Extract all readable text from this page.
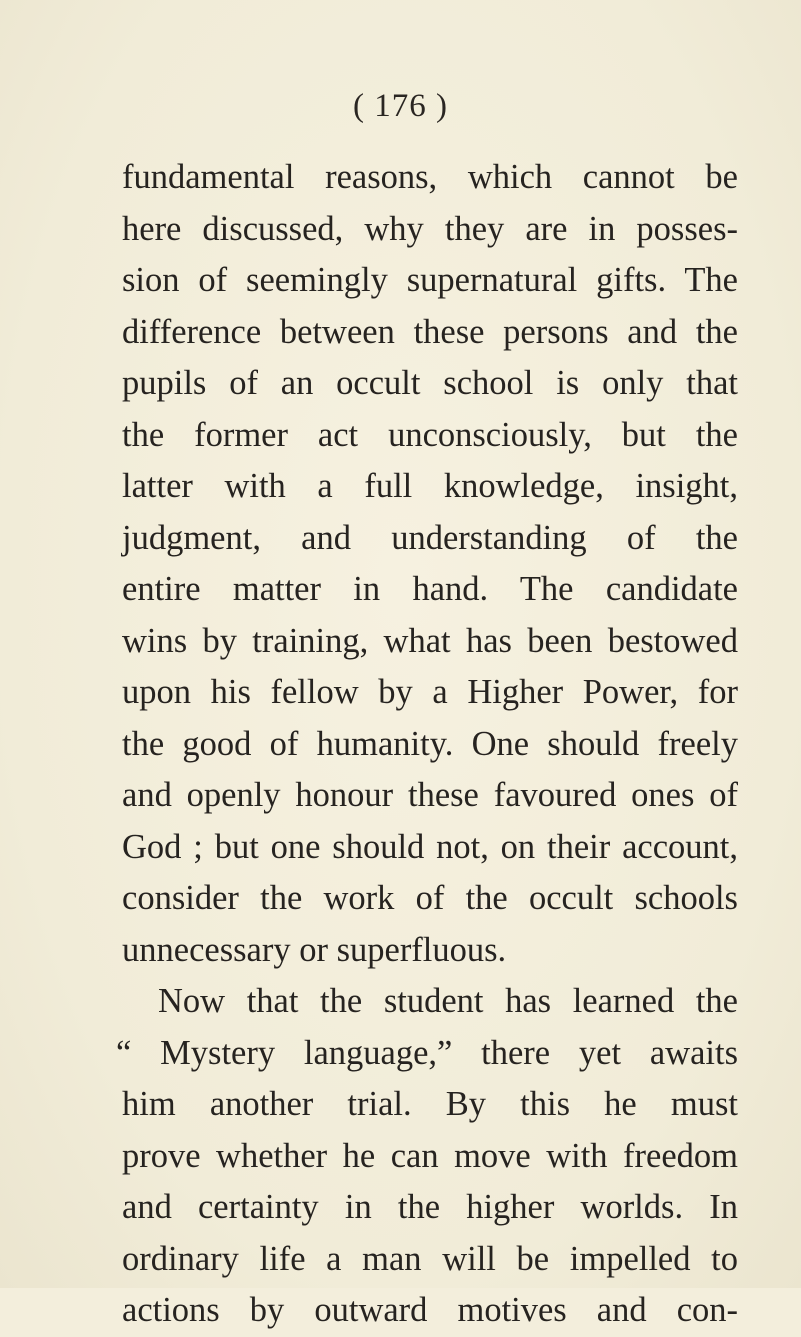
( 176 )
fundamental reasons, which cannot be
here discussed, why they are in posses-
sion of seemingly supernatural gifts. The
difference between these persons and the
pupils of an occult school is only that
the former act unconsciously, but the
latter with a full knowledge, insight,
judgment, and understanding of the
entire matter in hand. The candidate
wins by training, what has been bestowed
upon his fellow by a Higher Power, for
the good of humanity. One should freely
and openly honour these favoured ones of
God ; but one should not, on their account,
consider the work of the occult schools
unnecessary or superfluous.
Now that the student has learned the
“ Mystery language,” there yet awaits
him another trial. By this he must
prove whether he can move with freedom
and certainty in the higher worlds. In
ordinary life a man will be impelled to
actions by outward motives and con-
